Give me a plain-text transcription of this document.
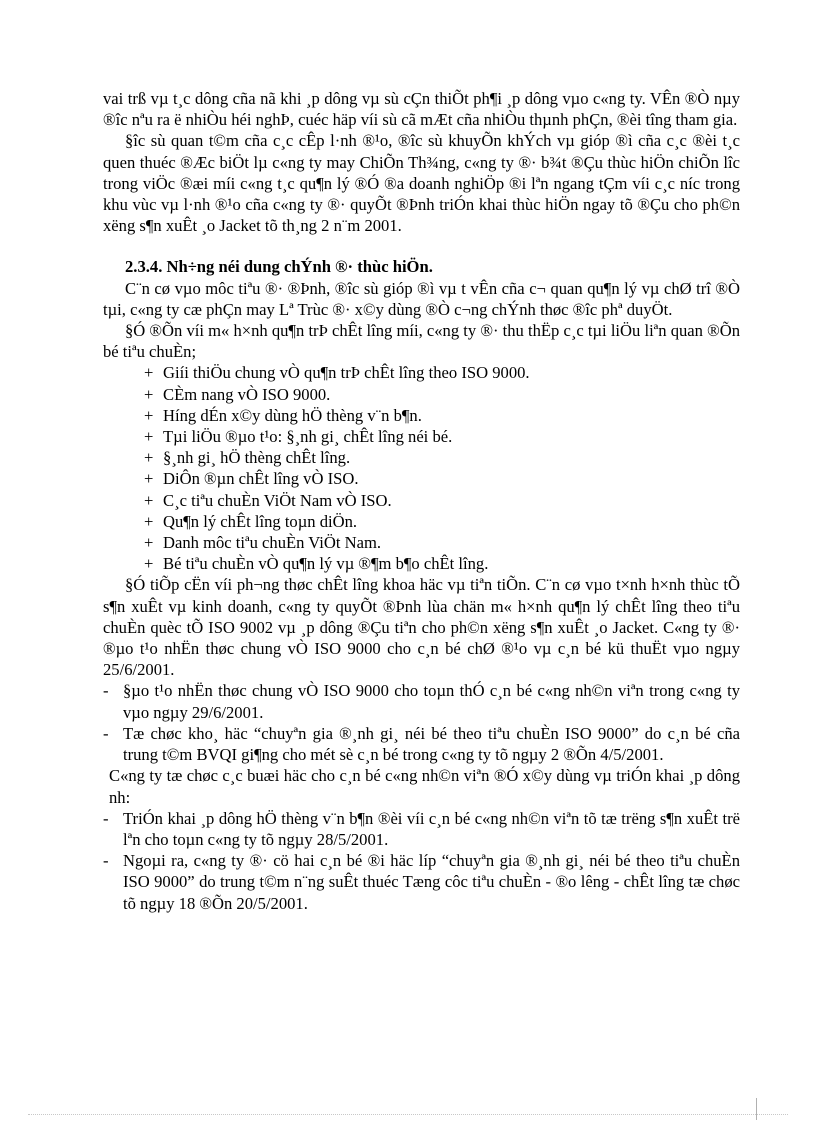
vai trß vµ t¸c dông cña nã khi ¸p dông vµ sù cÇn thiÕt ph¶i ¸p dông vµo c«ng ty. VÊn ®Ò nµy ®îc nªu ra ë nhiÒu héi nghÞ, cuéc häp víi sù cã mÆt cña nhiÒu thµnh phÇn, ®èi tîng tham gia.

§îc sù quan t©m cña c¸c cÊp l·nh ®¹o, ®îc sù khuyÕn khÝch vµ gióp ®ì cña c¸c ®èi t¸c quen thuéc ®Æc biÖt lµ c«ng ty may ChiÕn Th¾ng, c«ng ty ®· b¾t ®Çu thùc hiÖn chiÕn lîc trong viÖc ®æi míi c«ng t¸c qu¶n lý ®Ó ®a doanh nghiÖp ®i lªn ngang tÇm víi c¸c níc trong khu vùc vµ l·nh ®¹o cña c«ng ty ®· quyÕt ®Þnh triÓn khai thùc hiÖn ngay tõ ®Çu cho ph©n xëng s¶n xuÊt ¸o Jacket tõ th¸ng 2 n¨m 2001.

2.3.4. Nh÷ng néi dung chÝnh ®· thùc hiÖn.

C¨n cø vµo môc tiªu ®· ®Þnh, ®îc sù gióp ®ì vµ t vÊn cña c¬ quan qu¶n lý vµ chØ trî ®Ò tµi, c«ng ty cæ phÇn may Lª Trùc ®· x©y dùng ®Ò c¬ng chÝnh thøc ®îc phª duyÖt.

§Ó ®Õn víi m« h×nh qu¶n trÞ chÊt lîng míi, c«ng ty ®· thu thËp c¸c tµi liÖu liªn quan ®Õn bé tiªu chuÈn;

+ Giíi thiÖu chung vÒ qu¶n trÞ chÊt lîng theo ISO 9000.
+ CÈm nang vÒ ISO 9000.
+ Híng dÉn x©y dùng hÖ thèng v¨n b¶n.
+ Tµi liÖu ®µo t¹o: §¸nh gi¸ chÊt lîng néi bé.
+ §¸nh gi¸ hÖ thèng chÊt lîng.
+ DiÔn ®µn chÊt lîng vÒ ISO.
+ C¸c tiªu chuÈn ViÖt Nam vÒ ISO.
+ Qu¶n lý chÊt lîng toµn diÖn.
+ Danh môc tiªu chuÈn ViÖt Nam.
+ Bé tiªu chuÈn vÒ qu¶n lý vµ ®¶m b¶o chÊt lîng.

§Ó tiÕp cËn víi ph¬ng thøc chÊt lîng khoa häc vµ tiªn tiÕn. C¨n cø vµo t×nh h×nh thùc tÕ s¶n xuÊt vµ kinh doanh, c«ng ty quyÕt ®Þnh lùa chän m« h×nh qu¶n lý chÊt lîng theo tiªu chuÈn quèc tÕ ISO 9002 vµ ¸p dông ®Çu tiªn cho ph©n xëng s¶n xuÊt ¸o Jacket. C«ng ty ®· ®µo t¹o nhËn thøc chung vÒ ISO 9000 cho c¸n bé chØ ®¹o vµ c¸n bé kü thuËt vµo ngµy 25/6/2001.

- §µo t¹o nhËn thøc chung vÒ ISO 9000 cho toµn thÓ c¸n bé c«ng nh©n viªn trong c«ng ty vµo ngµy 29/6/2001.
- Tæ chøc kho¸ häc “chuyªn gia ®¸nh gi¸ néi bé theo tiªu chuÈn ISO 9000” do c¸n bé cña trung t©m BVQI gi¶ng cho mét sè c¸n bé trong c«ng ty tõ ngµy 2 ®Õn 4/5/2001.

C«ng ty tæ chøc c¸c buæi häc cho c¸n bé c«ng nh©n viªn ®Ó x©y dùng vµ triÓn khai ¸p dông nh:

- TriÓn khai ¸p dông hÖ thèng v¨n b¶n ®èi víi c¸n bé c«ng nh©n viªn tõ tæ trëng s¶n xuÊt trë lªn cho toµn c«ng ty tõ ngµy 28/5/2001.
- Ngoµi ra, c«ng ty ®· cö hai c¸n bé ®i häc líp “chuyªn gia ®¸nh gi¸ néi bé theo tiªu chuÈn ISO 9000” do trung t©m n¨ng suÊt thuéc Tæng côc tiªu chuÈn - ®o lêng - chÊt lîng tæ chøc tõ ngµy 18 ®Õn 20/5/2001.
